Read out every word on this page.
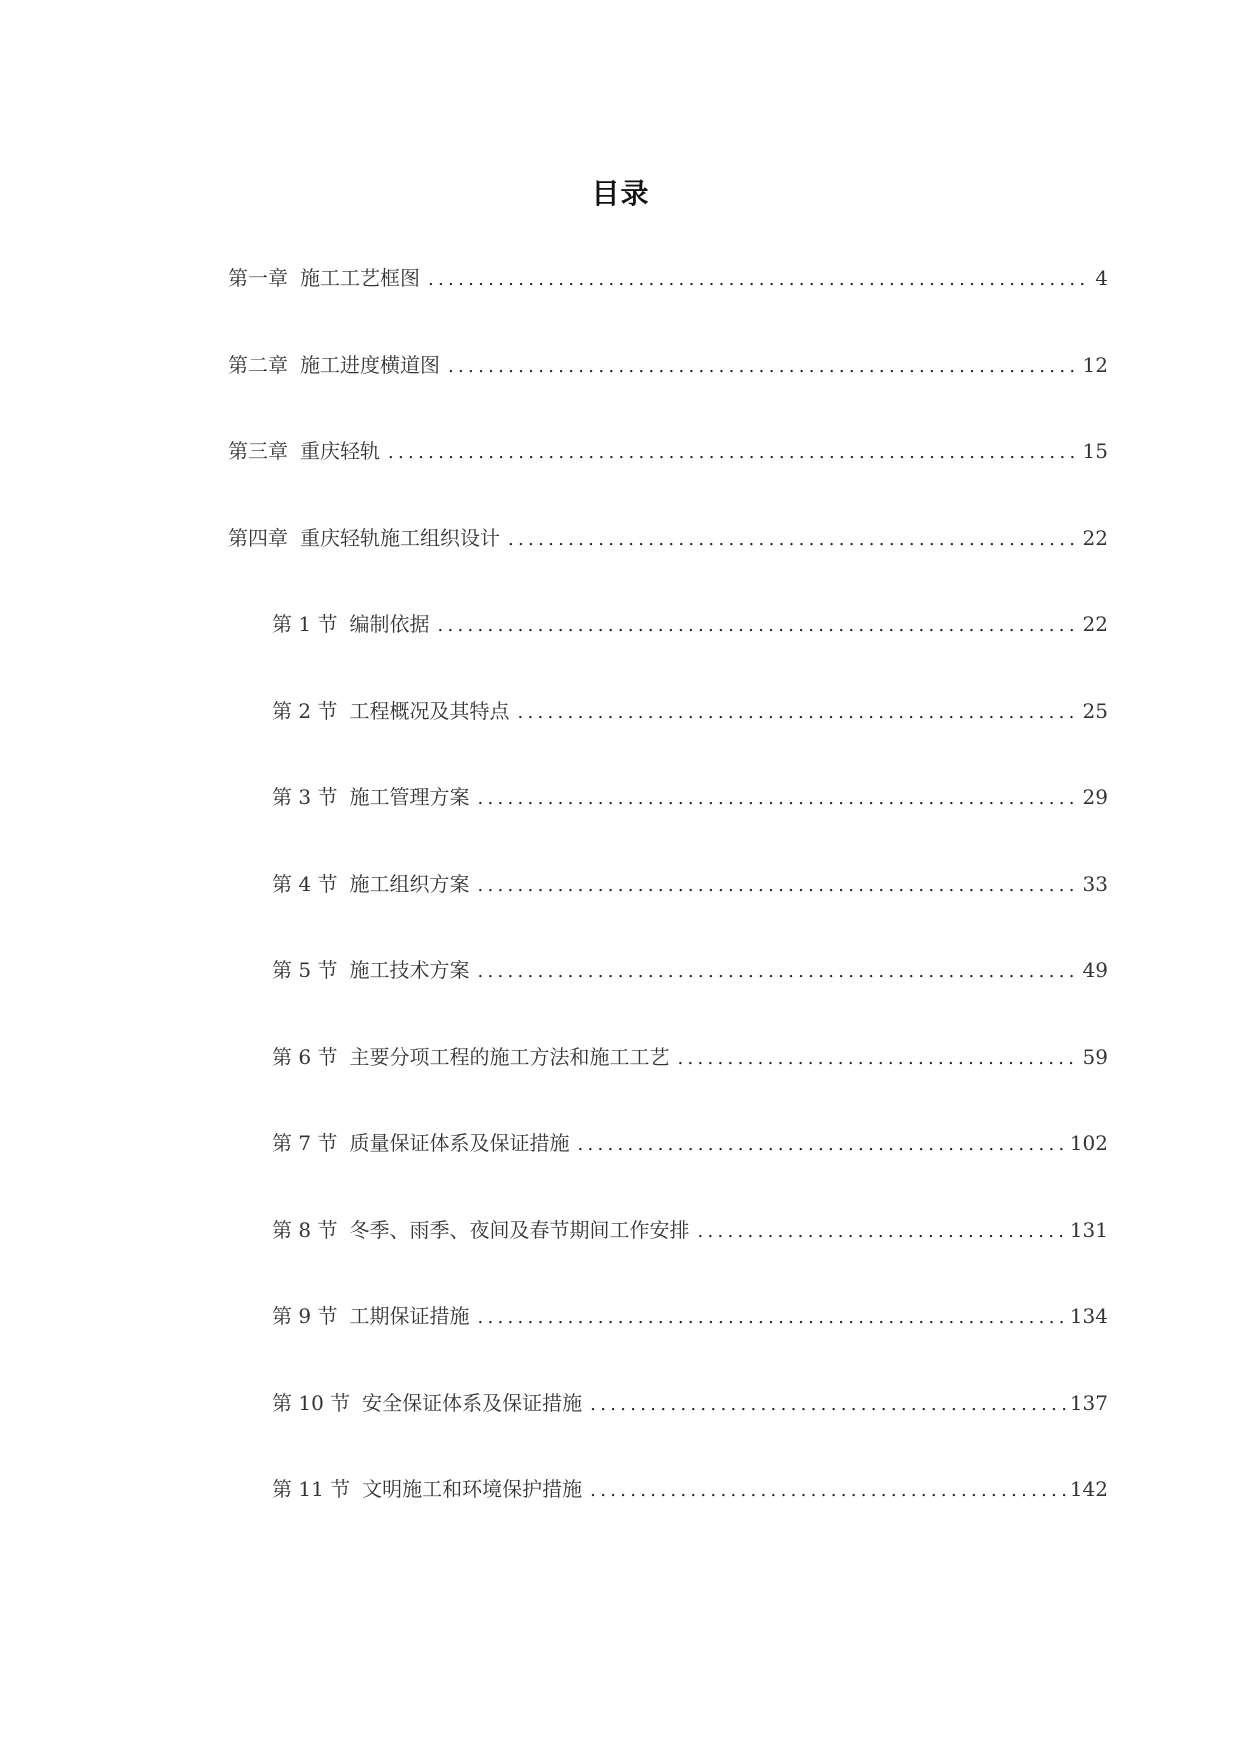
目录
第一章 施工工艺框图 .....	4
第二章 施工进度横道图 .....	12
第三章 重庆轻轨 .....	15
第四章 重庆轻轨施工组织设计 .....	22
第 1 节 编制依据 .....	22
第 2 节 工程概况及其特点 .....	25
第 3 节 施工管理方案 .....	29
第 4 节 施工组织方案 .....	33
第 5 节 施工技术方案 .....	49
第 6 节 主要分项工程的施工方法和施工工艺 .....	59
第 7 节 质量保证体系及保证措施 .....	102
第 8 节 冬季、雨季、夜间及春节期间工作安排 .....	131
第 9 节 工期保证措施 .....	134
第 10 节 安全保证体系及保证措施 .....	137
第 11 节 文明施工和环境保护措施 .....	142
